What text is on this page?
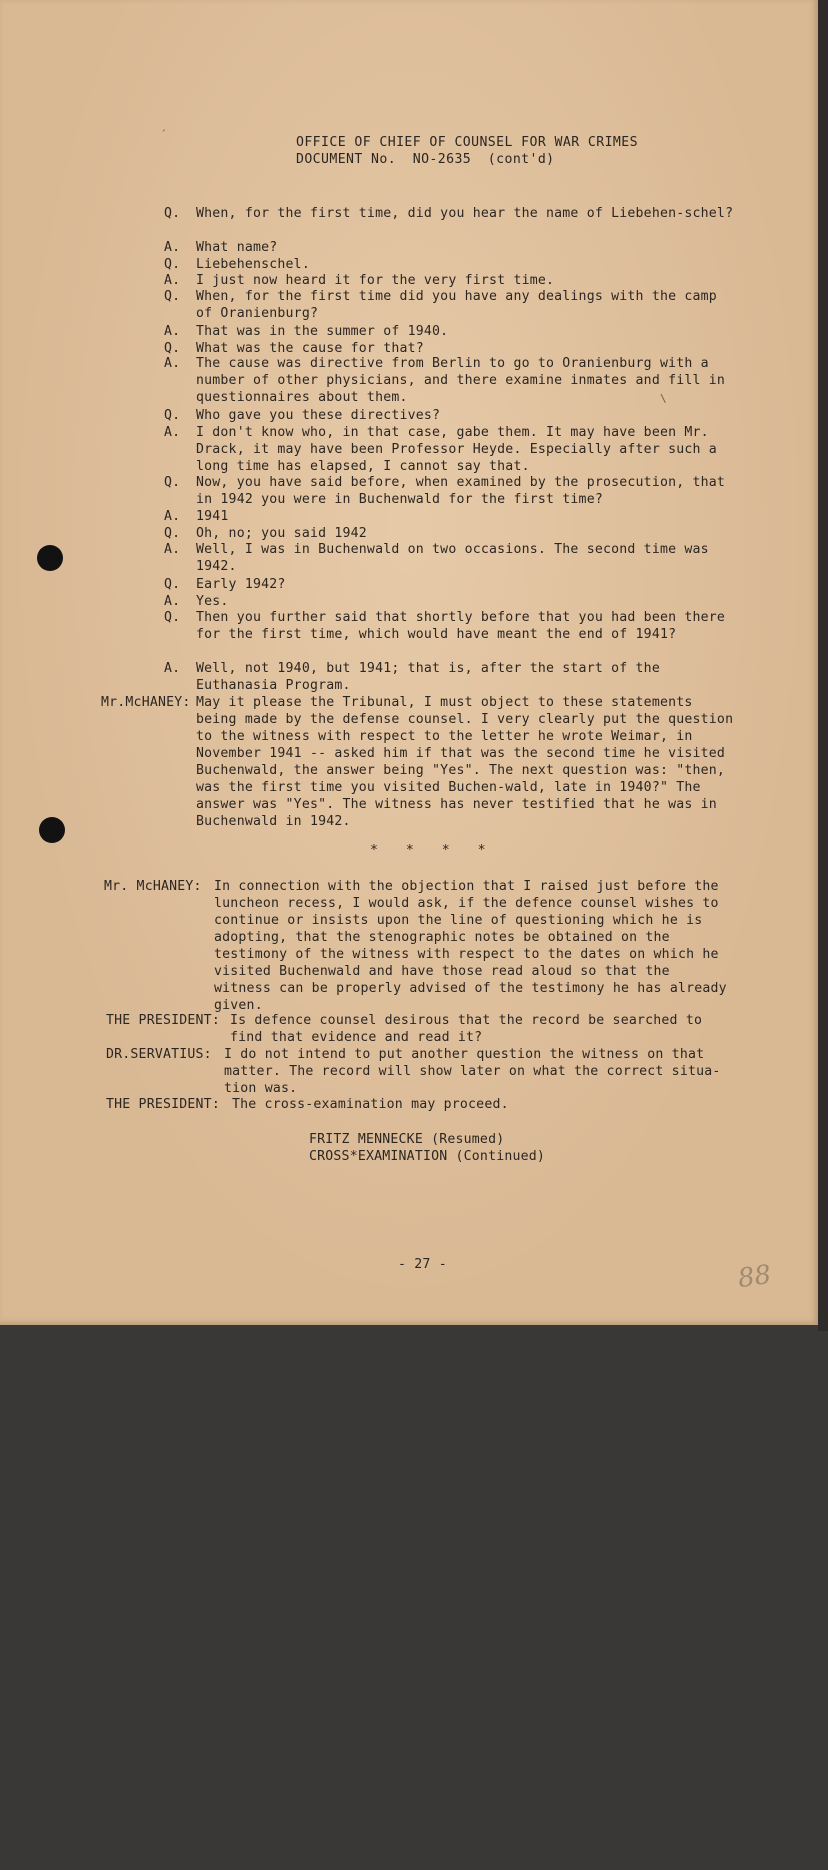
OFFICE OF CHIEF OF COUNSEL FOR WAR CRIMES
DOCUMENT No.  NO-2635  (cont'd)

Q.

When, for the first time, did you hear the name of Liebehen-schel?

A.

What name?

Q.

Liebehenschel.

A.

I just now heard it for the very first time.

Q.

When, for the first time did you have any dealings with the camp of Oranienburg?

A.

That was in the summer of 1940.

Q.

What was the cause for that?

A.

The cause was directive from Berlin to go to Oranienburg with a number of other physicians, and there examine inmates and fill in questionnaires about them.

Q.

Who gave you these directives?

A.

I don't know who, in that case, gabe them. It may have been Mr. Drack, it may have been Professor Heyde. Especially after such a long time has elapsed, I cannot say that.

Q.

Now, you have said before, when examined by the prosecution, that in 1942 you were in Buchenwald for the first time?

A.

1941

Q.

Oh, no; you said 1942

A.

Well, I was in Buchenwald on two occasions. The second time was 1942.

Q.

Early 1942?

A.

Yes.

Q.

Then you further said that shortly before that you had been there for the first time, which would have meant the end of 1941?

A.

Well, not 1940, but 1941; that is, after the start of the Euthanasia Program.

Mr.McHANEY:

May it please the Tribunal, I must object to these statements being made by the defense counsel. I very clearly put the question to the witness with respect to the letter he wrote Weimar, in November 1941 -- asked him if that was the second time he visited Buchenwald, the answer being "Yes". The next question was: "then, was the first time you visited Buchen-wald, late in 1940?" The answer was "Yes". The witness has never testified that he was in Buchenwald in 1942.

* * * *

Mr. McHANEY:

In connection with the objection that I raised just before the luncheon recess, I would ask, if the defence counsel wishes to continue or insists upon the line of questioning which he is adopting, that the stenographic notes be obtained on the testimony of the witness with respect to the dates on which he visited Buchenwald and have those read aloud so that the witness can be properly advised of the testimony he has already given.

THE PRESIDENT:

Is defence counsel desirous that the record be searched to find that evidence and read it?

DR.SERVATIUS:

I do not intend to put another question the witness on that matter. The record will show later on what the correct situa-tion was.

THE PRESIDENT:

The cross-examination may proceed.

FRITZ MENNECKE (Resumed)
CROSS*EXAMINATION (Continued)
- 27 -	88
´
\
